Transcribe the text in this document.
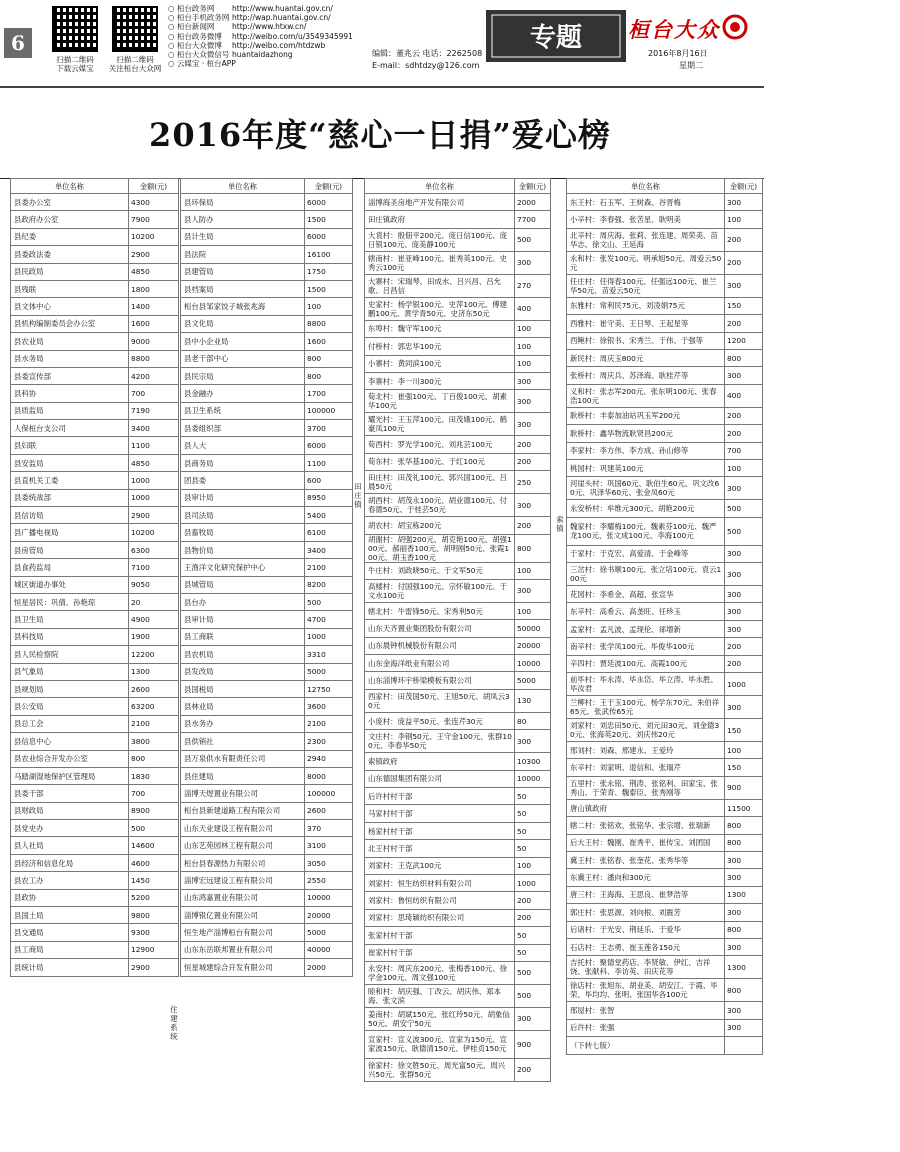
6
扫描二维码
下载云媒宝
扫描二维码
关注桓台大众网
○ 桓台政务网
○ 桓台手机政务网
○ 桓台新闻网
○ 桓台政务微博
○ 桓台大众微博
○ 桓台大众微信号
○ 云媒宝 · 桓台APP
http://www.huantai.gov.cn/
http://wap.huantai.gov.cn/
http://www.htxw.cn/
http://weibo.com/u/3549345991
http://weibo.com/htdzwb
huantaidazhong	编辑：董兆云 电话：2262508
E-mail：sdhtdzy@126.com
专题 桓台大众
2016年8月16日
星期二
2016年度“慈心一日捐”爱心榜
单位名称	金额(元)
县委办公室	4300
县政府办公室	7900
县纪委	10200
县委政法委	2900
县民政局	4850
县残联	1800
县文体中心	1400
县机构编制委员会办公室	1600
县农业局	9000
县水务局	8800
县委宣传部	4200
县科协	700
县质监局	7190
人保桓台支公司	3400
县妇联	1100
县安监局	4850
县直机关工委	1000
县委统战部	1000
县信访局	2900
县广播电视局	10200
县房管局	6300
县食药监局	7100
城区街道办事处	9050
恒星居民：巩倩、孙艳琼	20
县卫生局	4900
县科技局	1900
县人民检察院	12200
县气象局	1300
县规划局	2600
县公安局	63200
县总工会	2100
县信息中心	3800
县农业综合开发办公室	800
马踏湖湿地保护区管理局	1830
县委干部	700
县财政局	8900
县党史办	500
县人社局	14600
县经济和信息化局	4600
县农工办	1450
县政协	5200
县国土局	9800
县交通局	9300
县工商局	12900
县统计局	2900
单位名称	金额(元)
县环保局	6000
县人防办	1500
县计生局	6000
县法院	16100
县建管局	1750
县档案局	1500
桓台县邹家饺子城张兆海	100
县文化局	8800
县中小企业局	1600
县老干部中心	800
县民宗局	800
县金融办	1700
县卫生系统	100000
县委组织部	3700
县人大	6000
县商务局	1100
团县委	600
县审计局	8950
县司法局	5400
县畜牧局	6100
县物价局	3400
王渔洋文化研究保护中心	2100
县城管局	8200
县台办	500
县审计局	4700
县工商联	1000
县农机局	3310
县发改局	5000
县国税局	12750
县林业局	3600
县水务办	2100
县供销社	2300
县万泉供水有限责任公司	2940
县住建局	8000
淄博天煜置业有限公司	100000
桓台县新建道路工程有限公司	2600
山东天业建设工程有限公司	370
山东艺苑园林工程有限公司	3100
桓台县春源热力有限公司	3050
淄博宏远建设工程有限公司	2550
山东鸿嘉置业有限公司	10000
淄博银亿置业有限公司	20000
恒生地产淄博桓台有限公司	5000
山东东岳联邦置业有限公司	40000
恒星城建综合开发有限公司	2000
单位名称	金额(元)
淄博海圣房地产开发有限公司	2000
田庄镇政府	7700
大袁村：殷佃平200元、庞日信100元、庞日银100元、庞美静100元	500
辖南村：崔亚峰100元、崔秀英100元、史秀云100元	300
大寨村：宋瑞琴、田成水、吕兴昌、吕允歌、吕昌信	270
史家村：杨学银100元、史萍100元、傅建鹏100元、黄学青50元、史济东50元	400
东埠村：魏守军100元	100
付桥村：郭忠华100元	100
小寨村：黄同滨100元	100
李寨村：李一川300元	300
荀北村：崔强100元、丁百俊100元、胡素华100元	300
耀光村：王玉萍100元、田茂娥100元、鹤豪凤100元	300
荀西村：罗光学100元、刘兆芸100元	200
荀东村：张华基100元、于红100元	200
田庄村：田茂礼100元、郭兴国100元、吕晨50元	250
胡西村：胡茂永100元、胡业德100元、付春德50元、于桂芸50元	300
胡农村：胡宝栋200元	200
胡谢村：胡强200元、胡克艳100元、胡强100元、郝丽香100元、胡明刚50元、张霞100元、胡玉香100元	800
牛庄村：刘政晓50元、于文军50元	100
高楼村：付国强100元、宗怀敏100元、于文水100元	300
辖北村：牛雷锋50元、宋秀利50元	100
山东天齐置业集团股份有限公司	50000
山东晨钟机械股份有限公司	20000
山东金海洋纸业有限公司	10000
山东淄博环宇桥梁模板有限公司	5000
西家村：田茂国50元、王旭50元、胡凤云30元	130
小庞村：庞益平50元、张连芹30元	80
文庄村：李钢50元、王守金100元、张群100元、李春华50元	300
索镇政府	10300
山东德国集团有限公司	10000
后许村村干部	50
马家村村干部	50
杨家村村干部	50
北王村村干部	50
刘家村：王克武100元	100
刘家村：恒生纺织材料有限公司	1000
刘家村：鲁恒纺织有限公司	200
刘家村：思琦颖纺织有限公司	200
张家村村干部	50
崔家村村干部	50
永安村：周庆东200元、张梅香100元、徐学金100元、周文强100元	500
睦和村：胡庆强、丁改云、胡庆伟、郑本海、张文滨	500
姜南村：胡斌150元、张红玲50元、胡象仙50元、胡安宁50元	300
宣家村：宣义波300元、宣家为150元、宣家波150元、耿德清150元、伊桂贞150元	900
徐家村：徐文胜50元、周光富50元、周兴兴50元、张群50元	200
单位名称	金额(元)
东王村：石玉军、王树森、谷晋梅	300
小辛村：李春强、张苦星、耿明美	100
北辛村：周庆海、张莉、张连建、周荣美、苗华志、徐文山、王延海	200
永和村：张发100元、明承旭50元、周爱云50元	200
任庄村：任得春100元、任强远100元、崔兰华50元、苗爱云50元	300
东雅村：常利民75元、刘凌娟75元	150
西雅村：崔守美、王日琴、王起星等	200
西鲍村：徐银书、宋秀兰、于伟、于强等	1200
新民村：周庆玉800元	800
张桥村：周庆兵、苏泽海、耿桂芹等	300
义和村：张志军200元、张东明100元、张春浩100元	400
耿桥村：丰泰加油站巩玉军200元	200
耿桥村：鑫华物流耿贤昌200元	200
李家村：李方伟、李方成、孙山修等	700
桃园村：巩建英100元	100
河崖头村：巩国60元、耿伯生60元、巩文改60元、巩泽华60元、张金凤60元	300
永安桥村：牟维元300元、胡艳200元	500
魏家村：李耀梅100元、魏素芬100元、魏严龙100元、张文成100元、李海100元	500
于家村：于克宏、高爱清、于金峰等	300
三岔村：徐书顺100元、张立培100元、袁云100元	300
花园村：李希金、高超、张宣华	300
东辛村：高希云、高垄旺、任珍玉	300
孟家村：孟凡波、孟现伦、郤增新	300
南辛村：张学凤100元、毕俊华100元	200
辛四村：贾廷波100元、高霞100元	200
前毕村：毕永涛、毕永岱、毕立涛、毕永胜、毕汝君	1000
兰柳村：王于玉100元、杨学东70元、朱伯祥65元、张武传65元	300
刘家村：刘忠田50元、刘元田30元、刘金德30元、张海英20元、刘庆伟20元	150
邢刘村：刘森、邢建永、王爱玲	100
东辛村：刘家明、退信和、张瑞芹	150
五里村：张永铭、荆涛、张铭利、田家宝、张秀山、于荣青、魏泰臣、张秀刚等	900
唐山镇政府	11500
辖二村：张铭欢、张铭华、张宗增、张瑞新	800
后大王村：魏刚、崔秀平、崔传宝、刘团国	800
冀王村：张铭春、张奎花、张秀华等	300
东冀王村：潘向和300元	300
唐三村：王海海、王思良、崔梦浩等	1300
郭庄村：张思源、刘向根、刘震芳	300
后诸村：于光安、荆延乐、于爱华	800
石店村：王志勇、崔玉莲各150元	300
吉托村：聚德堂药店、李贤敏、伊红、吉祥饶、张献科、李访英、田庆花等	1300
徐店村：张旭东、胡业美、胡安江、于霞、毕荣、毕均均、张明、张国华各100元	800
邢屋村：张智	300
后许村：张强	300
（下转七版）	
田庄镇
索镇
住建系统
